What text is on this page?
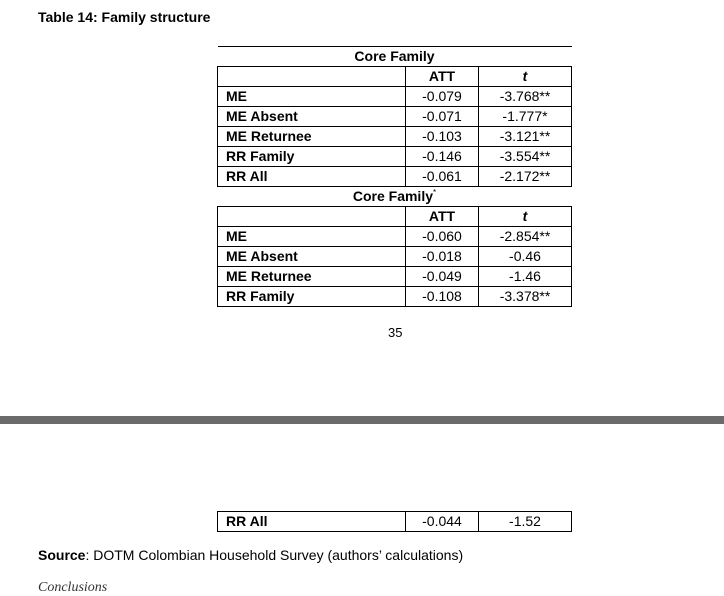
Table 14: Family structure
Core Family		
	ATT	t
ME	-0.079	-3.768**
ME Absent	-0.071	-1.777*
ME Returnee	-0.103	-3.121**
RR Family	-0.146	-3.554**
RR All	-0.061	-2.172**
Core Family*
	ATT	t
ME	-0.060	-2.854**
ME Absent	-0.018	-0.46
ME Returnee	-0.049	-1.46
RR Family	-0.108	-3.378**
35
RR All	-0.044	-1.52
Source: DOTM Colombian Household Survey (authors’ calculations)
Conclusions
